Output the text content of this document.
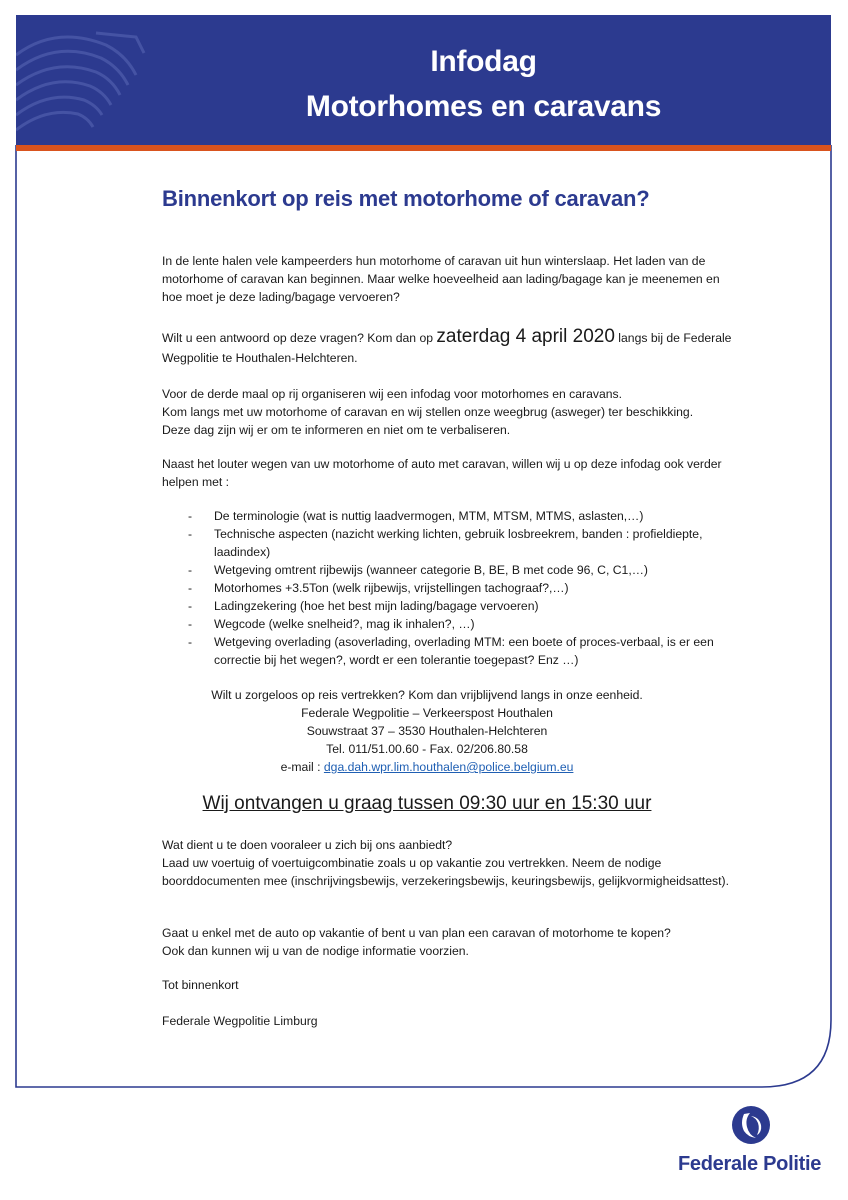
Infodag
Motorhomes en caravans
Binnenkort op reis met motorhome of caravan?

In de lente halen vele kampeerders hun motorhome of caravan uit hun winterslaap. Het laden van de motorhome of caravan kan beginnen. Maar welke hoeveelheid aan lading/bagage kan je meenemen en hoe moet je deze lading/bagage vervoeren?

Wilt u een antwoord op deze vragen? Kom dan op zaterdag 4 april 2020 langs bij de Federale Wegpolitie te Houthalen-Helchteren.

Voor de derde maal op rij organiseren wij een infodag voor motorhomes en caravans.

Kom langs met uw motorhome of caravan en wij stellen onze weegbrug (asweger) ter beschikking.

Deze dag zijn wij er om te informeren en niet om te verbaliseren.

Naast het louter wegen van uw motorhome of auto met caravan, willen wij u op deze infodag ook verder helpen met :

- De terminologie (wat is nuttig laadvermogen, MTM, MTSM, MTMS, aslasten,…)
- Technische aspecten (nazicht werking lichten, gebruik losbreekrem, banden : profieldiepte, laadindex)
- Wetgeving omtrent rijbewijs (wanneer categorie B, BE, B met code 96, C, C1,…)
- Motorhomes +3.5Ton (welk rijbewijs, vrijstellingen tachograaf?,…)
- Ladingzekering (hoe het best mijn lading/bagage vervoeren)
- Wegcode (welke snelheid?, mag ik inhalen?, …)
- Wetgeving overlading (asoverlading, overlading MTM: een boete of proces-verbaal, is er een correctie bij het wegen?, wordt er een tolerantie toegepast? Enz …)

Wilt u zorgeloos op reis vertrekken? Kom dan vrijblijvend langs in onze eenheid.

Federale Wegpolitie – Verkeerspost Houthalen

Souwstraat 37 – 3530 Houthalen-Helchteren

Tel. 011/51.00.60 - Fax. 02/206.80.58

e-mail : dga.dah.wpr.lim.houthalen@police.belgium.eu

Wij ontvangen u graag tussen 09:30 uur en 15:30 uur

Wat dient u te doen vooraleer u zich bij ons aanbiedt?

Laad uw voertuig of voertuigcombinatie zoals u op vakantie zou vertrekken. Neem de nodige boorddocumenten mee (inschrijvingsbewijs, verzekeringsbewijs, keuringsbewijs, gelijkvormigheidsattest).

Gaat u enkel met de auto op vakantie of bent u van plan een caravan of motorhome te kopen?

Ook dan kunnen wij u van de nodige informatie voorzien.

Tot binnenkort
Federale Wegpolitie Limburg
Federale Politie
